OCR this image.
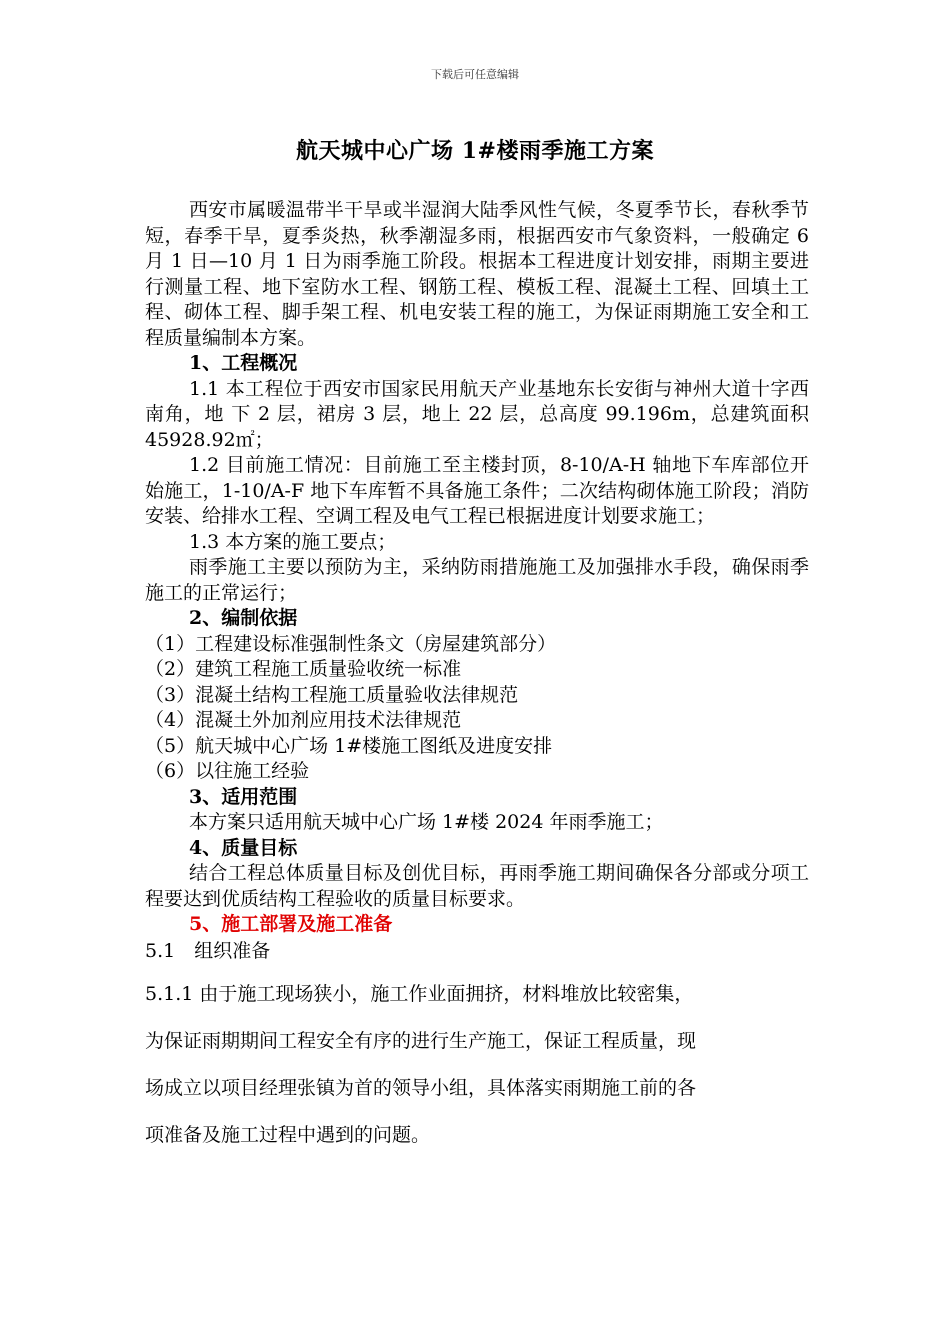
下载后可任意编辑
航天城中心广场 1#楼雨季施工方案

西安市属暖温带半干旱或半湿润大陆季风性气候，冬夏季节长，春秋季节短，春季干旱，夏季炎热，秋季潮湿多雨，根据西安市气象资料，一般确定 6 月 1 日—10 月 1 日为雨季施工阶段。根据本工程进度计划安排，雨期主要进行测量工程、地下室防水工程、钢筋工程、模板工程、混凝土工程、回填土工程、砌体工程、脚手架工程、机电安装工程的施工，为保证雨期施工安全和工程质量编制本方案。

1、工程概况

1.1 本工程位于西安市国家民用航天产业基地东长安街与神州大道十字西南角，地 下 2 层，裙房 3 层，地上 22 层，总高度 99.196m，总建筑面积 45928.92㎡；

1.2 目前施工情况：目前施工至主楼封顶，8-10/A-H 轴地下车库部位开始施工，1-10/A-F 地下车库暂不具备施工条件；二次结构砌体施工阶段；消防安装、给排水工程、空调工程及电气工程已根据进度计划要求施工；

1.3 本方案的施工要点；

雨季施工主要以预防为主，采纳防雨措施施工及加强排水手段，确保雨季施工的正常运行；

2、编制依据

（1）工程建设标准强制性条文（房屋建筑部分）

（2）建筑工程施工质量验收统一标准

（3）混凝土结构工程施工质量验收法律规范

（4）混凝土外加剂应用技术法律规范

（5）航天城中心广场 1#楼施工图纸及进度安排

（6）以往施工经验

3、适用范围

本方案只适用航天城中心广场 1#楼 2024 年雨季施工；

4、质量目标

结合工程总体质量目标及创优目标，再雨季施工期间确保各分部或分项工程要达到优质结构工程验收的质量目标要求。

5、施工部署及施工准备

5.1　组织准备

5.1.1 由于施工现场狭小，施工作业面拥挤，材料堆放比较密集，

为保证雨期期间工程安全有序的进行生产施工，保证工程质量，现

场成立以项目经理张镇为首的领导小组，具体落实雨期施工前的各

项准备及施工过程中遇到的问题。
